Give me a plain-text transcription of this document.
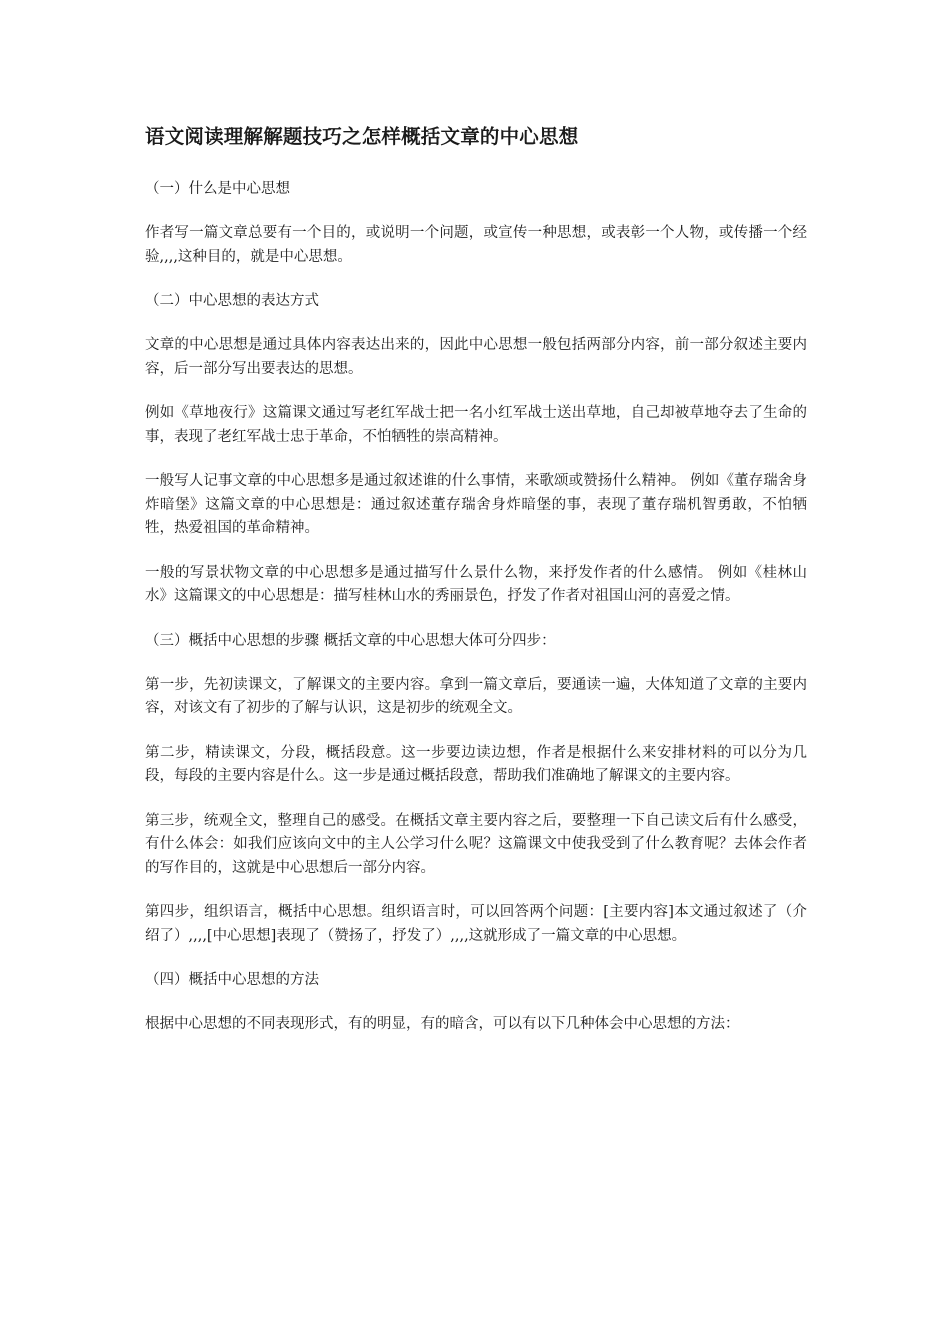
语文阅读理解解题技巧之怎样概括文章的中心思想
（一）什么是中心思想
作者写一篇文章总要有一个目的，或说明一个问题，或宣传一种思想，或表彰一个人物，或传播一个经验,,,,这种目的，就是中心思想。
（二）中心思想的表达方式
文章的中心思想是通过具体内容表达出来的，因此中心思想一般包括两部分内容，前一部分叙述主要内容，后一部分写出要表达的思想。
例如《草地夜行》这篇课文通过写老红军战士把一名小红军战士送出草地，自己却被草地夺去了生命的事，表现了老红军战士忠于革命，不怕牺牲的崇高精神。
一般写人记事文章的中心思想多是通过叙述谁的什么事情，来歌颂或赞扬什么精神。 例如《董存瑞舍身炸暗堡》这篇文章的中心思想是：通过叙述董存瑞舍身炸暗堡的事，表现了董存瑞机智勇敢，不怕牺牲，热爱祖国的革命精神。
一般的写景状物文章的中心思想多是通过描写什么景什么物，来抒发作者的什么感情。 例如《桂林山水》这篇课文的中心思想是：描写桂林山水的秀丽景色，抒发了作者对祖国山河的喜爱之情。
（三）概括中心思想的步骤 概括文章的中心思想大体可分四步：
第一步，先初读课文，了解课文的主要内容。拿到一篇文章后，要通读一遍，大体知道了文章的主要内容，对该文有了初步的了解与认识，这是初步的统观全文。
第二步，精读课文，分段，概括段意。这一步要边读边想，作者是根据什么来安排材料的可以分为几段，每段的主要内容是什么。这一步是通过概括段意，帮助我们准确地了解课文的主要内容。
第三步，统观全文，整理自己的感受。在概括文章主要内容之后，要整理一下自己读文后有什么感受，有什么体会：如我们应该向文中的主人公学习什么呢？这篇课文中使我受到了什么教育呢？去体会作者的写作目的，这就是中心思想后一部分内容。
第四步，组织语言，概括中心思想。组织语言时，可以回答两个问题：[主要内容]本文通过叙述了（介绍了）,,,,[中心思想]表现了（赞扬了，抒发了）,,,,这就形成了一篇文章的中心思想。
（四）概括中心思想的方法
根据中心思想的不同表现形式，有的明显，有的暗含，可以有以下几种体会中心思想的方法：
